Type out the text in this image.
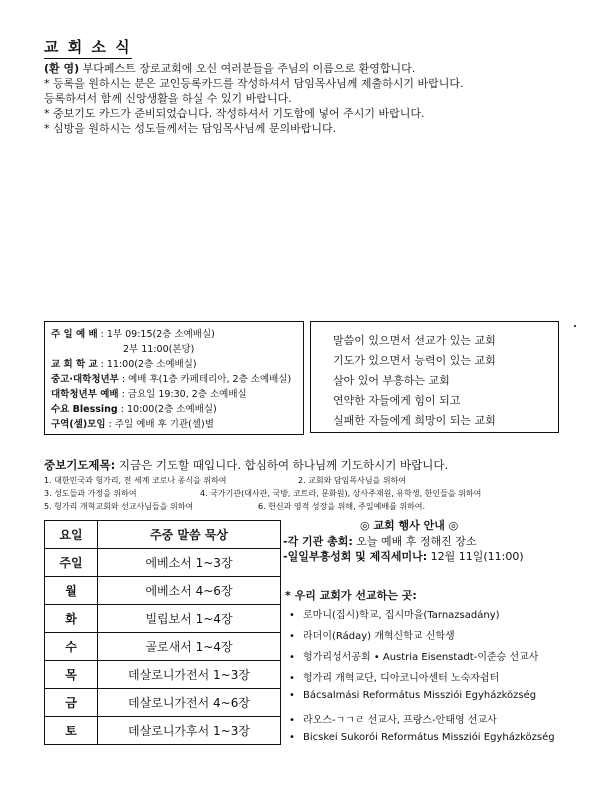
교 회 소 식
(환 영) 부다페스트 장로교회에 오신 여러분들을 주님의 이름으로 환영합니다.
* 등록을 원하시는 분은 교인등록카드를 작성하셔서 담임목사님께 제출하시기 바랍니다.
등록하셔서 함께 신앙생활을 하실 수 있기 바랍니다.
* 중보기도 카드가 준비되었습니다. 작성하셔서 기도함에 넣어 주시기 바랍니다.
* 심방을 원하시는 성도들께서는 담임목사님께 문의바랍니다.
주 일 예 배 : 1부 09:15(2층 소예배실)
2부 11:00(본당)
교 회 학 교 : 11:00(2층 소예배실)
중고·대학청년부 : 예배 후(1층 카페테리아, 2층 소예배실)
대학청년부 예배 : 금요일 19:30, 2층 소예배실
수요 Blessing : 10:00(2층 소예배실)
구역(셀)모임 : 주일 예배 후 기관(셀)별
말씀이 있으면서 선교가 있는 교회
기도가 있으면서 능력이 있는 교회
살아 있어 부흥하는 교회
연약한 자들에게 힘이 되고
실패한 자들에게 희망이 되는 교회
중보기도제목: 지금은 기도할 때입니다. 합심하여 하나님께 기도하시기 바랍니다.
1. 대한민국과 헝가리, 전 세계 코로나 종식을 위하여	2. 교회와 담임목사님을 위하여
3. 성도들과 가정을 위하여	4. 국가기관(대사관, 국방, 코트라, 문화원), 상사주재원, 유학생, 한인들을 위하여
5. 헝가리 개혁교회와 선교사님들을 위하여	6. 헌신과 영적 성장을 위해, 주일예배를 위하여.
요일	주중 말씀 묵상
주일	에베소서 1~3장
월	에베소서 4~6장
화	빌립보서 1~4장
수	골로새서 1~4장
목	데살로니가전서 1~3장
금	데살로니가전서 4~6장
토	데살로니가후서 1~3장
◎ 교회 행사 안내 ◎
-각 기관 총회: 오늘 예배 후 정해진 장소
-일일부흥성회 및 제직세미나: 12월 11일(11:00)
* 우리 교회가 선교하는 곳:
• 로마니(집시)학교, 집시마을(Tarnazsadány)
• 라더이(Ráday) 개혁신학교 신학생
• 헝가리성서공회 • Austria Eisenstadt-이준승 선교사
• 헝가리 개혁교단, 디아코니아센터 노숙자쉼터
• Bácsalmási Református Missziói Egyházközség
• 라오스-ㄱㄱㄹ 선교사, 프랑스-안태영 선교사
• Bicskei Sukorói Református Missziói Egyházközség
